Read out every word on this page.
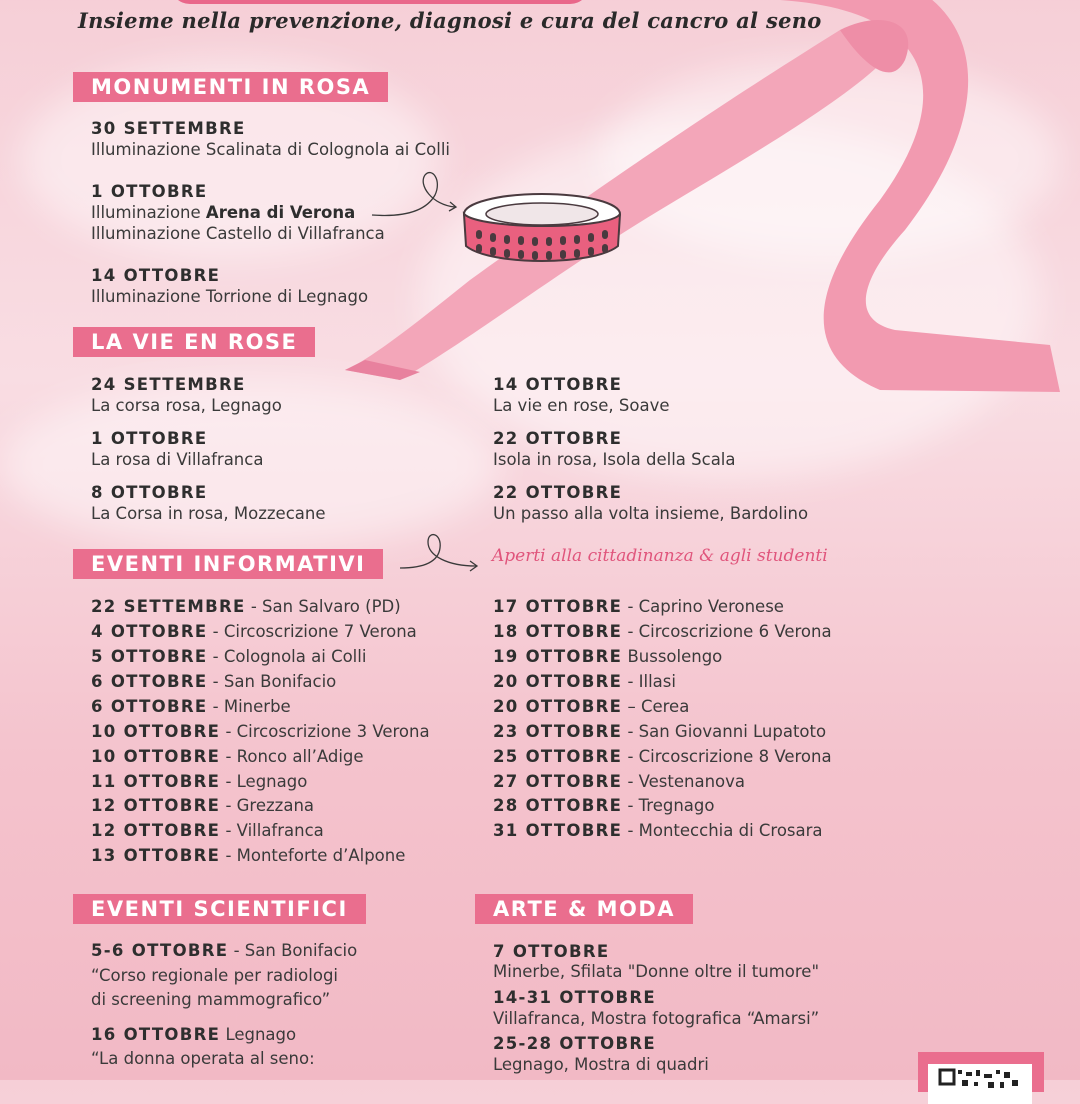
Insieme nella prevenzione, diagnosi e cura del cancro al seno
MONUMENTI IN ROSA
30 SETTEMBRE
Illuminazione Scalinata di Colognola ai Colli
1 OTTOBRE
Illuminazione Arena di Verona
Illuminazione Castello di Villafranca
14 OTTOBRE
Illuminazione Torrione di Legnago
LA VIE EN ROSE
24 SETTEMBRE
La corsa rosa, Legnago
1 OTTOBRE
La rosa di Villafranca
8 OTTOBRE
La Corsa in rosa, Mozzecane
14 OTTOBRE
La vie en rose, Soave
22 OTTOBRE
Isola in rosa, Isola della Scala
22 OTTOBRE
Un passo alla volta insieme, Bardolino
EVENTI INFORMATIVI	Aperti alla cittadinanza & agli studenti
22 SETTEMBRE - San Salvaro (PD)
4 OTTOBRE - Circoscrizione 7 Verona
5 OTTOBRE - Colognola ai Colli
6 OTTOBRE - San Bonifacio
6 OTTOBRE - Minerbe
10 OTTOBRE - Circoscrizione 3 Verona
10 OTTOBRE - Ronco all’Adige
11 OTTOBRE - Legnago
12 OTTOBRE - Grezzana
12 OTTOBRE - Villafranca
13 OTTOBRE - Monteforte d’Alpone
17 OTTOBRE - Caprino Veronese
18 OTTOBRE - Circoscrizione 6 Verona
19 OTTOBRE Bussolengo
20 OTTOBRE - Illasi
20 OTTOBRE – Cerea
23 OTTOBRE - San Giovanni Lupatoto
25 OTTOBRE - Circoscrizione 8 Verona
27 OTTOBRE - Vestenanova
28 OTTOBRE - Tregnago
31 OTTOBRE - Montecchia di Crosara
EVENTI SCIENTIFICI
5-6 OTTOBRE - San Bonifacio
“Corso regionale per radiologi
di screening mammografico”
16 OTTOBRE Legnago
“La donna operata al seno:
ARTE & MODA
7 OTTOBRE
Minerbe, Sfilata "Donne oltre il tumore"
14-31 OTTOBRE
Villafranca, Mostra fotografica “Amarsi”
25-28 OTTOBRE
Legnago, Mostra di quadri
